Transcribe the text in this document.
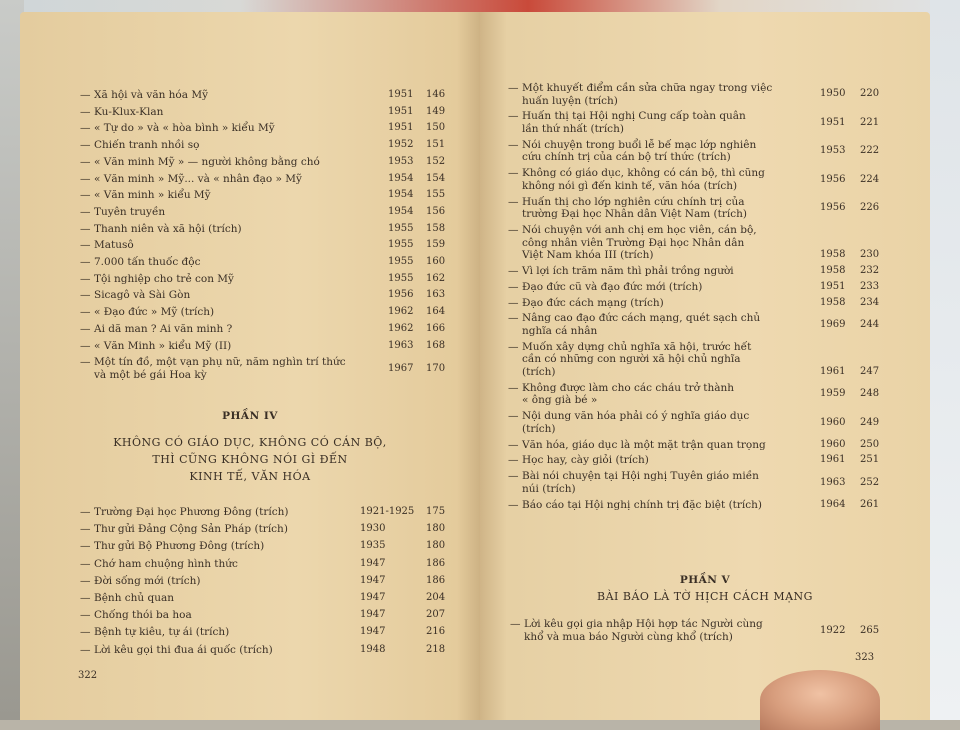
PHẦN IV
KHÔNG CÓ GIÁO DỤC, KHÔNG CÓ CÁN BỘ,
THÌ CŨNG KHÔNG NÓI GÌ ĐẾN
KINH TẾ, VĂN HÓA
322
— Xã hội và văn hóa Mỹ	1951 146
— Ku-Klux-Klan	1951 149
— « Tự do » và « hòa bình » kiểu Mỹ	1951 150
— Chiến tranh nhồi sọ	1952 151
— « Văn minh Mỹ » — người không bằng chó	1953 152
— « Văn minh » Mỹ... và « nhân đạo » Mỹ	1954 154
— « Văn minh » kiểu Mỹ	1954 155
— Tuyên truyền	1954 156
— Thanh niên và xã hội (trích)	1955 158
— Matusô	1955 159
— 7.000 tấn thuốc độc	1955 160
— Tội nghiệp cho trẻ con Mỹ	1955 162
— Sicagô và Sài Gòn	1956 163
— « Đạo đức » Mỹ (trích)	1962 164
— Ai dã man ? Ai văn minh ?	1962 166
— « Văn Minh » kiểu Mỹ (II)	1963 168
— Một tín đồ, một vạn phụ nữ, năm nghìn trí thức
và một bé gái Hoa kỳ
1967 170
— Trường Đại học Phương Đông (trích)	1921-1925 175
— Thư gửi Đảng Cộng Sản Pháp (trích)	1930	180
— Thư gửi Bộ Phương Đông (trích)	1935	180
— Chớ ham chuộng hình thức	1947	186
— Đời sống mới (trích)	1947	186
— Bệnh chủ quan	1947	204
— Chống thói ba hoa	1947	207
— Bệnh tự kiêu, tự ái (trích)	1947	216
— Lời kêu gọi thi đua ái quốc (trích)	1948	218
PHẦN V
BÀI BÁO LÀ TỜ HỊCH CÁCH MẠNG
323
— Một khuyết điểm cần sửa chữa ngay trong việc
huấn luyện (trích)
1950 220
— Huấn thị tại Hội nghị Cung cấp toàn quân
lần thứ nhất (trích)
1951 221
— Nói chuyện trong buổi lễ bế mạc lớp nghiên
cứu chính trị của cán bộ trí thức (trích)
1953 222
— Không có giáo dục, không có cán bộ, thì cũng
không nói gì đến kinh tế, văn hóa (trích)
1956 224
— Huấn thị cho lớp nghiên cứu chính trị của
trường Đại học Nhân dân Việt Nam (trích)
1956 226
— Nói chuyện với anh chị em học viên, cán bộ,
công nhân viên Trường Đại học Nhân dân
Việt Nam khóa III (trích)	1958 230
— Vì lợi ích trăm năm thì phải trồng người	1958 232
— Đạo đức cũ và đạo đức mới (trích)	1951 233
— Đạo đức cách mạng (trích)	1958 234
— Nâng cao đạo đức cách mạng, quét sạch chủ
nghĩa cá nhân
1969 244
— Muốn xây dựng chủ nghĩa xã hội, trước hết
cần có những con người xã hội chủ nghĩa
(trích)	1961 247
— Không được làm cho các cháu trở thành
« ông già bé »
1959 248
— Nội dung văn hóa phải có ý nghĩa giáo dục
(trích)
1960 249
— Văn hóa, giáo dục là một mặt trận quan trọng	1960 250
— Học hay, cày giỏi (trích)	1961 251
— Bài nói chuyện tại Hội nghị Tuyên giáo miền
núi (trích)
1963 252
— Báo cáo tại Hội nghị chính trị đặc biệt (trích)	1964 261
— Lời kêu gọi gia nhập Hội hợp tác Người cùng
khổ và mua báo Người cùng khổ (trích)
1922 265
